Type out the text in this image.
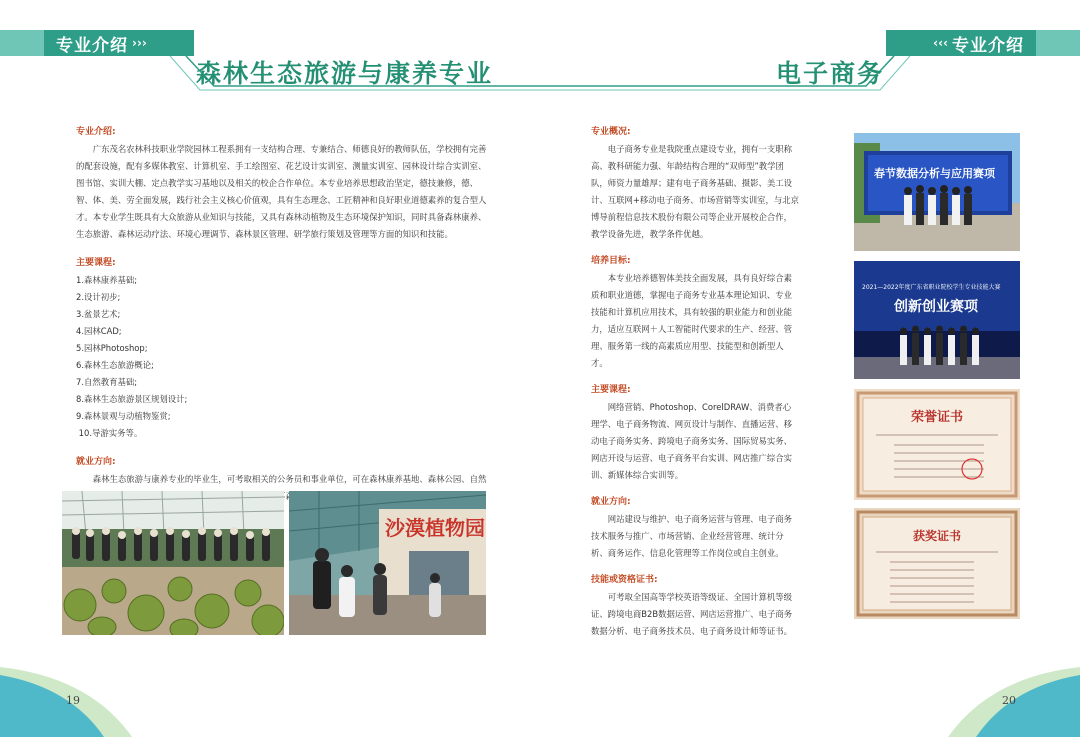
专业介绍 ›››
森林生态旅游与康养专业
专业介绍:

广东茂名农林科技职业学院园林工程系拥有一支结构合理、专兼结合、师德良好的教师队伍，学校拥有完善的配套设施，配有多媒体教室、计算机室、手工绘图室、花艺设计实训室、测量实训室、园林设计综合实训室、图书馆、实训大棚、定点教学实习基地以及相关的校企合作单位。本专业培养思想政治坚定，德技兼修，德、智、体、美、劳全面发展，践行社会主义核心价值观，具有生态理念、工匠精神和良好职业道德素养的复合型人才。本专业学生既具有大众旅游从业知识与技能，又具有森林动植物及生态环境保护知识，同时具备森林康养、生态旅游、森林运动疗法、环境心理调节、森林景区管理、研学旅行策划及管理等方面的知识和技能。

主要课程:
1.森林康养基础;
2.设计初步;
3.盆景艺术;
4.园林CAD;
5.园林Photoshop;
6.森林生态旅游概论;
7.自然教育基础;
8.森林生态旅游景区规划设计;
9.森林景观与动植物鉴赏;
10.导游实务等。
就业方向:

森林生态旅游与康养专业的毕业生，可考取相关的公务员和事业单位，可在森林康养基地、森林公园、自然 事森

沙漠植物园
19
‹‹‹ 专业介绍
电子商务
专业概况:

电子商务专业是我院重点建设专业，拥有一支职称高、教科研能力强、年龄结构合理的“双师型”教学团队，师资力量雄厚；建有电子商务基础、摄影、美工设计、互联网+移动电子商务、市场营销等实训室，与北京博导前程信息技术股份有限公司等企业开展校企合作，教学设备先进，教学条件优越。

培养目标:

本专业培养德智体美技全面发展，具有良好综合素质和职业道德，掌握电子商务专业基本理论知识、专业技能和计算机应用技术，具有较强的职业能力和创业能力，适应互联网＋人工智能时代要求的生产、经营、管理、服务第一线的高素质应用型、技能型和创新型人才。

主要课程:

网络营销、Photoshop、CorelDRAW、消费者心理学、电子商务物流、网页设计与制作、直播运营、移动电子商务实务、跨境电子商务实务、国际贸易实务、网店开设与运营、电子商务平台实训、网店推广综合实训、新媒体综合实训等。

就业方向:

网站建设与维护、电子商务运营与管理、电子商务技术服务与推广、市场营销、企业经营管理、统计分析、商务运作、信息化管理等工作岗位或自主创业。

技能或资格证书:

可考取全国高等学校英语等级证、全国计算机等级证、跨境电商B2B数据运营、网店运营推广、电子商务数据分析、电子商务技术员、电子商务设计师等证书。

春节数据分析与应用赛项
2021—2022年度广东省职业院校学生专业技能大赛
创新创业赛项
荣誉证书
获奖证书
20
